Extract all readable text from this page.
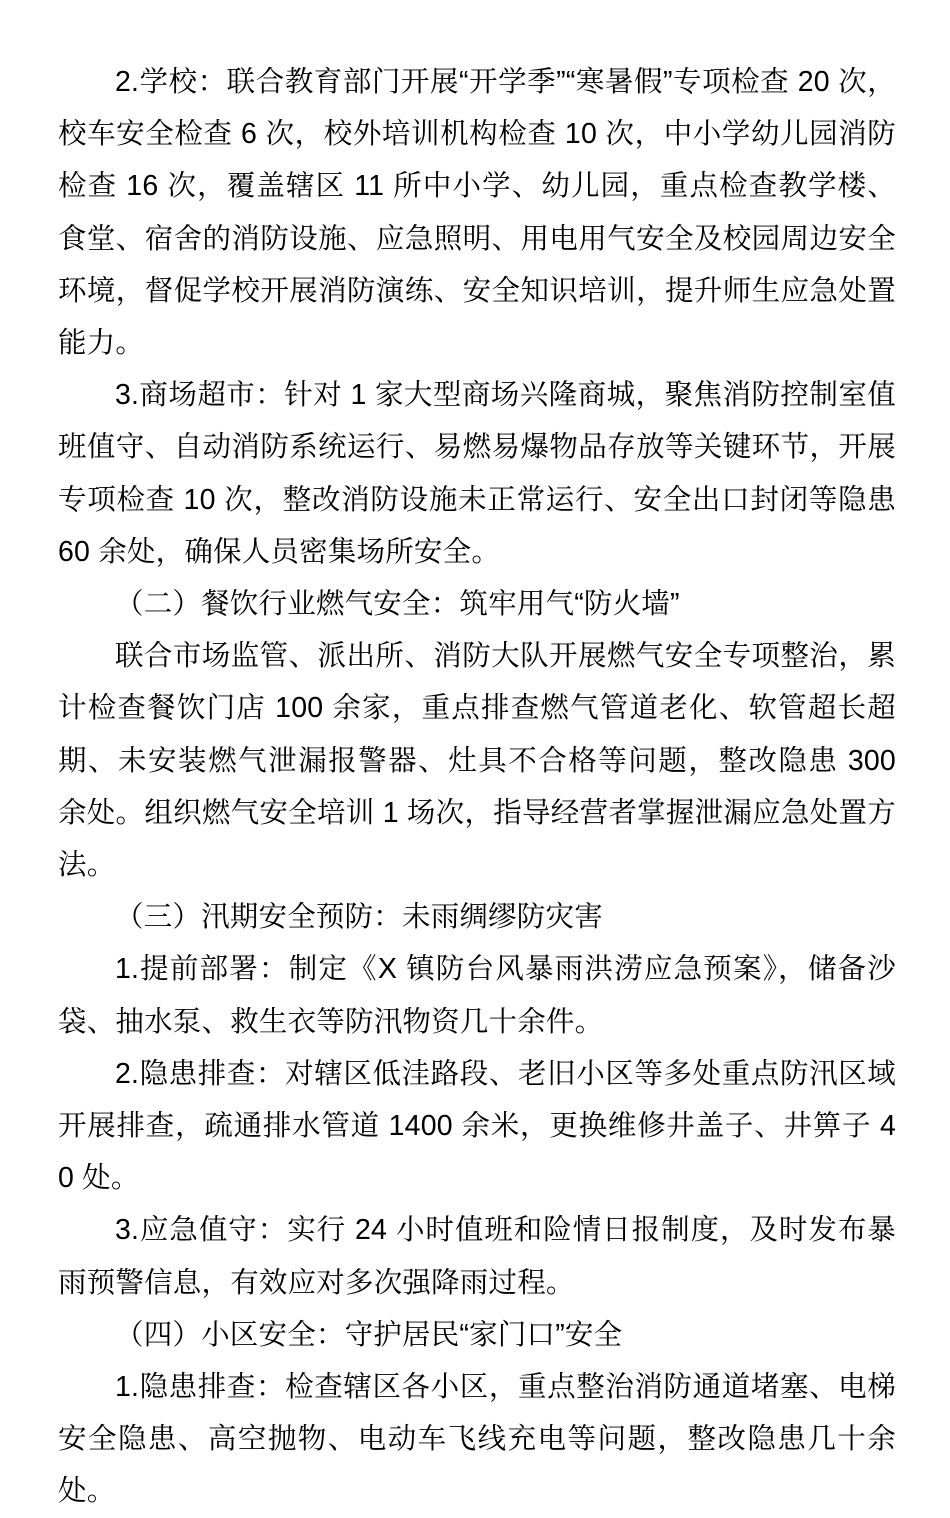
2.学校：联合教育部门开展“开学季”“寒暑假”专项检查 20 次，校车安全检查 6 次，校外培训机构检查 10 次，中小学幼儿园消防检查 16 次，覆盖辖区 11 所中小学、幼儿园，重点检查教学楼、食堂、宿舍的消防设施、应急照明、用电用气安全及校园周边安全环境，督促学校开展消防演练、安全知识培训，提升师生应急处置能力。

3.商场超市：针对 1 家大型商场兴隆商城，聚焦消防控制室值班值守、自动消防系统运行、易燃易爆物品存放等关键环节，开展专项检查 10 次，整改消防设施未正常运行、安全出口封闭等隐患 60 余处，确保人员密集场所安全。

（二）餐饮行业燃气安全：筑牢用气“防火墙”

联合市场监管、派出所、消防大队开展燃气安全专项整治，累计检查餐饮门店 100 余家，重点排查燃气管道老化、软管超长超期、未安装燃气泄漏报警器、灶具不合格等问题，整改隐患 300 余处。组织燃气安全培训 1 场次，指导经营者掌握泄漏应急处置方法。

（三）汛期安全预防：未雨绸缪防灾害

1.提前部署：制定《X 镇防台风暴雨洪涝应急预案》，储备沙袋、抽水泵、救生衣等防汛物资几十余件。

2.隐患排查：对辖区低洼路段、老旧小区等多处重点防汛区域开展排查，疏通排水管道 1400 余米，更换维修井盖子、井箅子 40 处。

3.应急值守：实行 24 小时值班和险情日报制度，及时发布暴雨预警信息，有效应对多次强降雨过程。

（四）小区安全：守护居民“家门口”安全

1.隐患排查：检查辖区各小区，重点整治消防通道堵塞、电梯安全隐患、高空抛物、电动车飞线充电等问题，整改隐患几十余处。
